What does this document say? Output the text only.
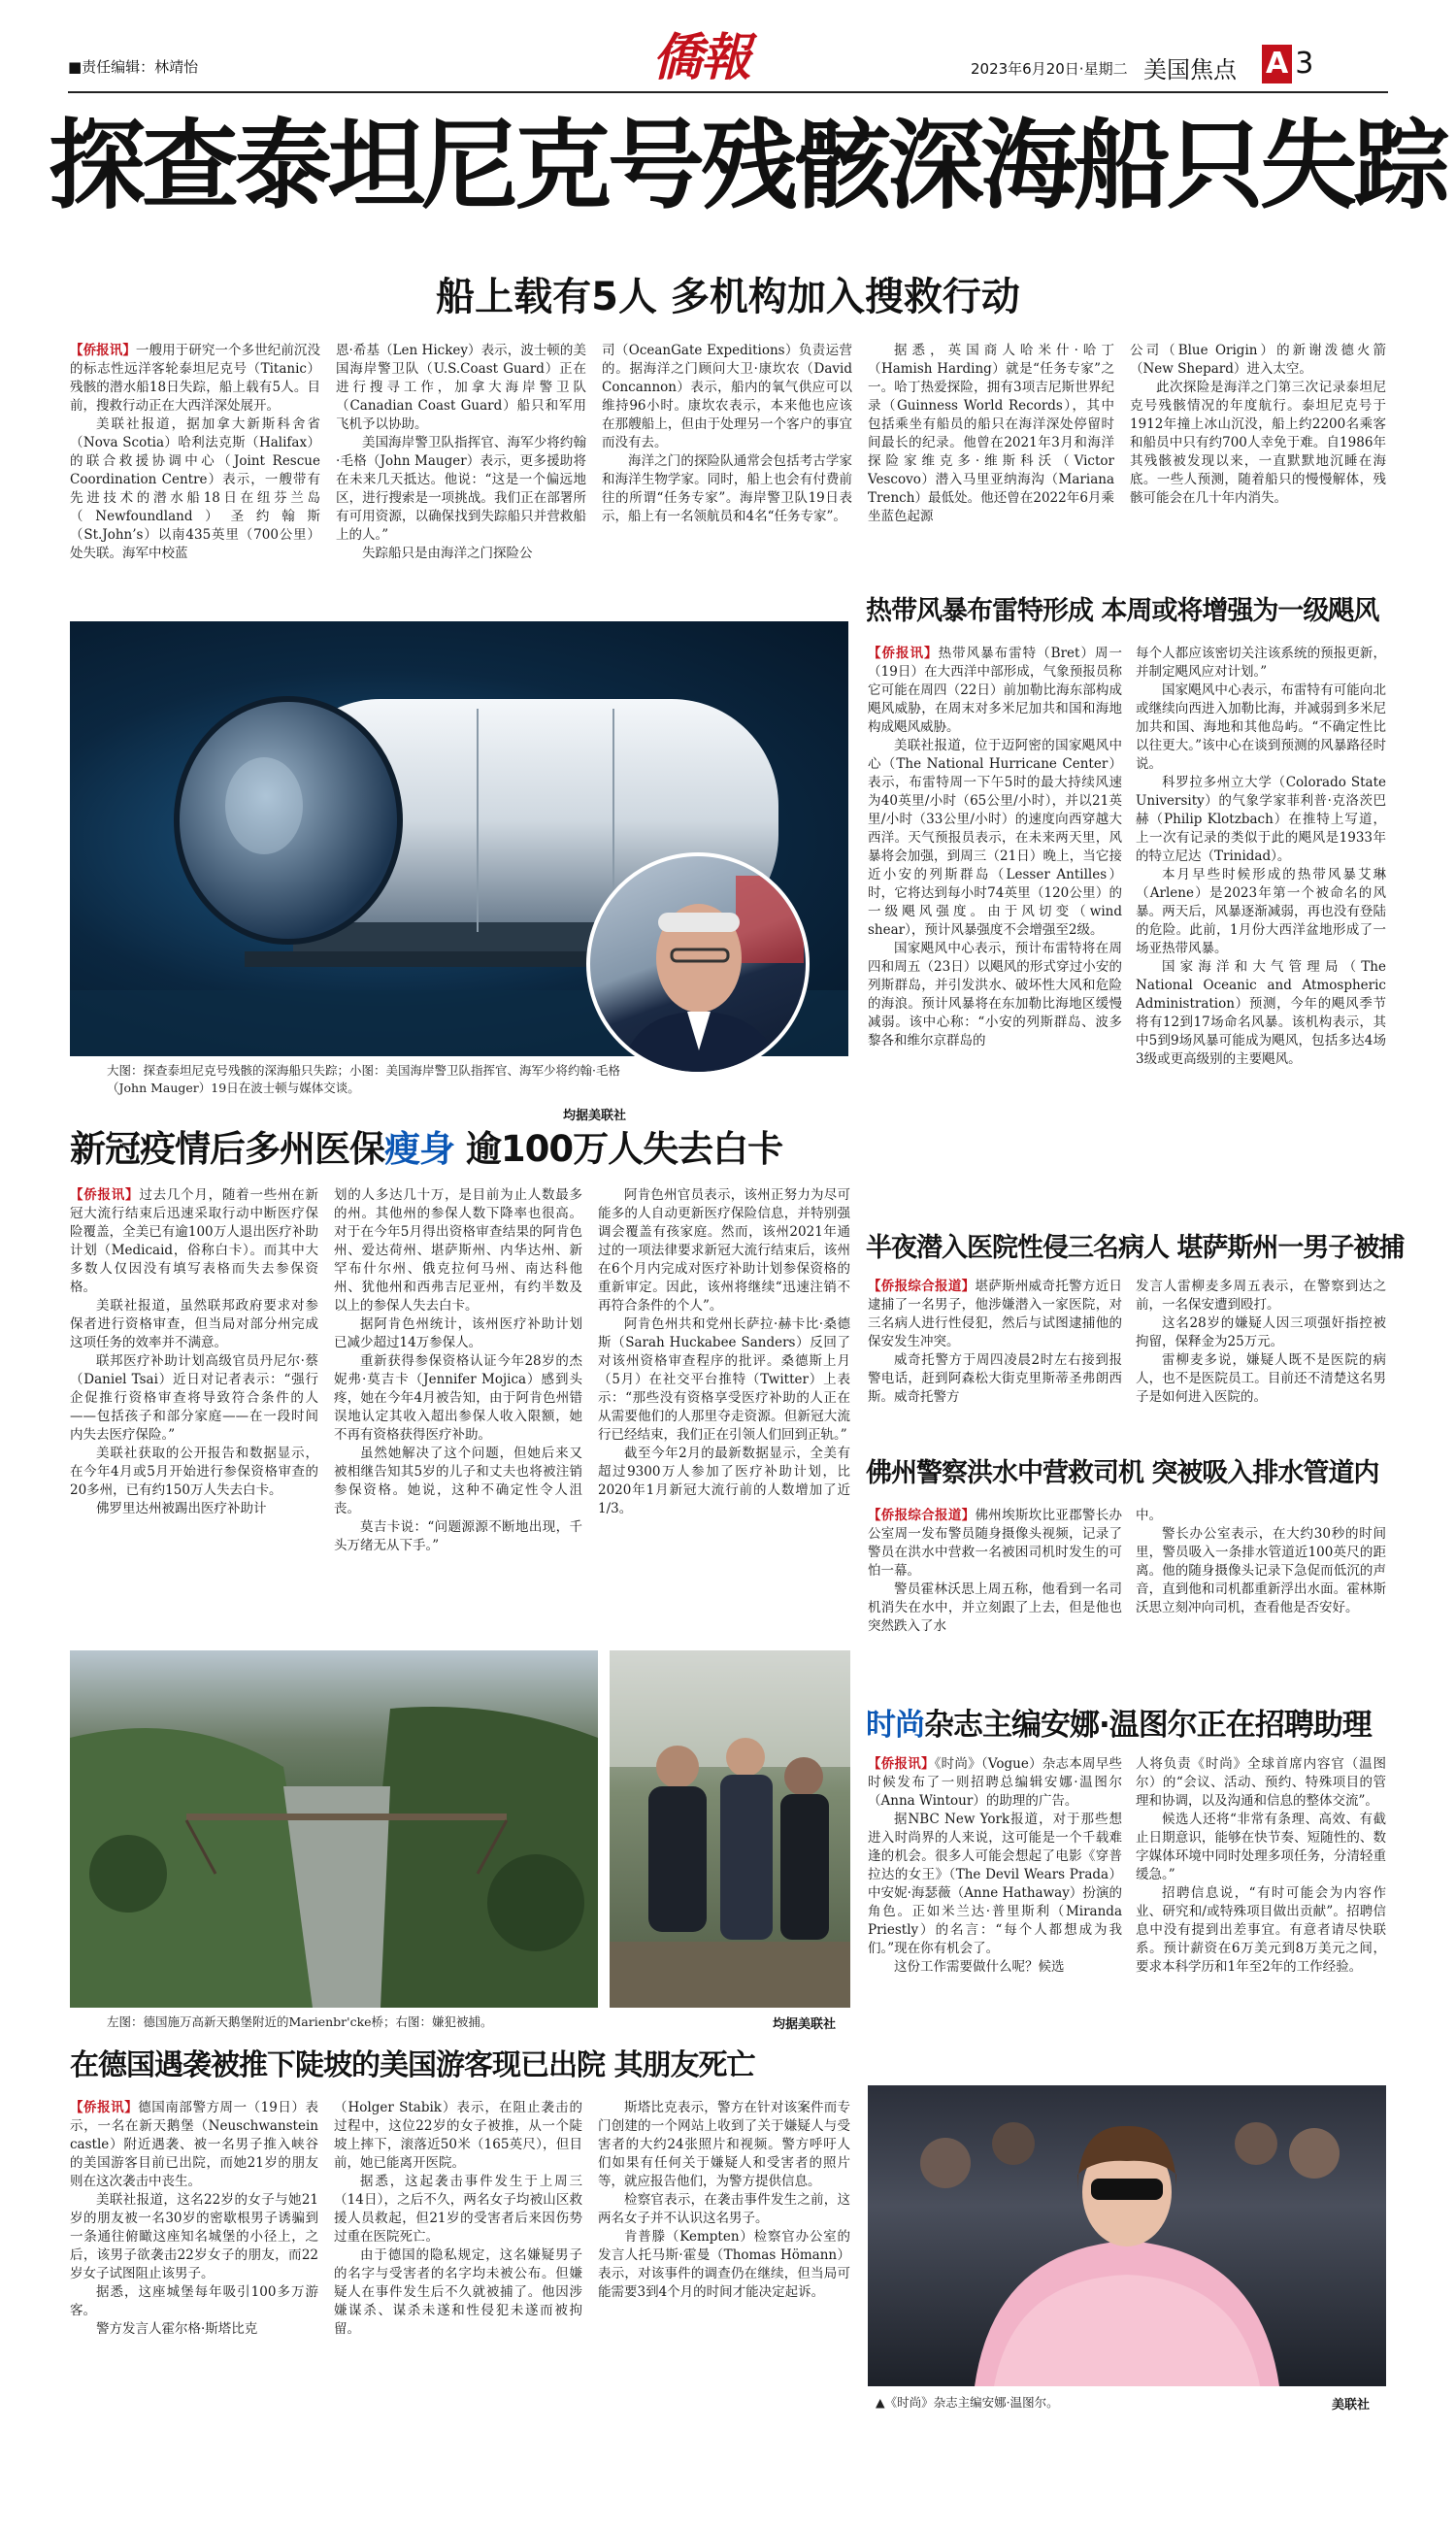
■责任编辑：林靖怡	僑報	2023年6月20日·星期二 美国焦点 A 3
探查泰坦尼克号残骸深海船只失踪
船上载有5人 多机构加入搜救行动

【侨报讯】一艘用于研究一个多世纪前沉没的标志性远洋客轮泰坦尼克号（Titanic）残骸的潜水船18日失踪，船上载有5人。目前，搜救行动正在大西洋深处展开。

美联社报道，据加拿大新斯科舍省（Nova Scotia）哈利法克斯（Halifax）的联合救援协调中心（Joint Rescue Coordination Centre）表示，一艘带有先进技术的潜水船18日在纽芬兰岛（Newfoundland）圣约翰斯（St.John’s）以南435英里（700公里）处失联。海军中校蓝

恩·希基（Len Hickey）表示，波士顿的美国海岸警卫队（U.S.Coast Guard）正在进行搜寻工作，加拿大海岸警卫队（Canadian Coast Guard）船只和军用飞机予以协助。

美国海岸警卫队指挥官、海军少将约翰·毛格（John Mauger）表示，更多援助将在未来几天抵达。他说：“这是一个偏远地区，进行搜索是一项挑战。我们正在部署所有可用资源，以确保找到失踪船只并营救船上的人。”

失踪船只是由海洋之门探险公

司（OceanGate Expeditions）负责运营的。据海洋之门顾问大卫·康坎农（David Concannon）表示，船内的氧气供应可以维持96小时。康坎农表示，本来他也应该在那艘船上，但由于处理另一个客户的事宜而没有去。

海洋之门的探险队通常会包括考古学家和海洋生物学家。同时，船上也会有付费前往的所谓“任务专家”。海岸警卫队19日表示，船上有一名领航员和4名“任务专家”。

据悉，英国商人哈米什·哈丁（Hamish Harding）就是“任务专家”之一。哈丁热爱探险，拥有3项吉尼斯世界纪录（Guinness World Records），其中包括乘坐有船员的船只在海洋深处停留时间最长的纪录。他曾在2021年3月和海洋探险家维克多·维斯科沃（Victor Vescovo）潜入马里亚纳海沟（Mariana Trench）最低处。他还曾在2022年6月乘坐蓝色起源

公司（Blue Origin）的新谢泼德火箭（New Shepard）进入太空。

此次探险是海洋之门第三次记录泰坦尼克号残骸情况的年度航行。泰坦尼克号于1912年撞上冰山沉没，船上约2200名乘客和船员中只有约700人幸免于难。自1986年其残骸被发现以来，一直默默地沉睡在海底。一些人预测，随着船只的慢慢解体，残骸可能会在几十年内消失。

大图：探查泰坦尼克号残骸的深海船只失踪；小图：美国海岸警卫队指挥官、海军少将约翰·毛格（John Mauger）19日在波士顿与媒体交谈。
均据美联社
热带风暴布雷特形成 本周或将增强为一级飓风

【侨报讯】热带风暴布雷特（Bret）周一（19日）在大西洋中部形成，气象预报员称它可能在周四（22日）前加勒比海东部构成飓风威胁，在周末对多米尼加共和国和海地构成飓风威胁。

美联社报道，位于迈阿密的国家飓风中心（The National Hurricane Center）表示，布雷特周一下午5时的最大持续风速为40英里/小时（65公里/小时），并以21英里/小时（33公里/小时）的速度向西穿越大西洋。天气预报员表示，在未来两天里，风暴将会加强，到周三（21日）晚上，当它接近小安的列斯群岛（Lesser Antilles）时，它将达到每小时74英里（120公里）的一级飓风强度。由于风切变（wind shear），预计风暴强度不会增强至2级。

国家飓风中心表示，预计布雷特将在周四和周五（23日）以飓风的形式穿过小安的列斯群岛，并引发洪水、破坏性大风和危险的海浪。预计风暴将在东加勒比海地区缓慢减弱。该中心称：“小安的列斯群岛、波多黎各和维尔京群岛的

每个人都应该密切关注该系统的预报更新，并制定飓风应对计划。”

国家飓风中心表示，布雷特有可能向北或继续向西进入加勒比海，并减弱到多米尼加共和国、海地和其他岛屿。“不确定性比以往更大。”该中心在谈到预测的风暴路径时说。

科罗拉多州立大学（Colorado State University）的气象学家菲利普·克洛茨巴赫（Philip Klotzbach）在推特上写道，上一次有记录的类似于此的飓风是1933年的特立尼达（Trinidad）。

本月早些时候形成的热带风暴艾琳（Arlene）是2023年第一个被命名的风暴。两天后，风暴逐渐减弱，再也没有登陆的危险。此前，1月份大西洋盆地形成了一场亚热带风暴。

国家海洋和大气管理局（The National Oceanic and Atmospheric Administration）预测，今年的飓风季节将有12到17场命名风暴。该机构表示，其中5到9场风暴可能成为飓风，包括多达4场3级或更高级别的主要飓风。

新冠疫情后多州医保瘦身 逾100万人失去白卡

【侨报讯】过去几个月，随着一些州在新冠大流行结束后迅速采取行动中断医疗保险覆盖，全美已有逾100万人退出医疗补助计划（Medicaid，俗称白卡）。而其中大多数人仅因没有填写表格而失去参保资格。

美联社报道，虽然联邦政府要求对参保者进行资格审查，但当局对部分州完成这项任务的效率并不满意。

联邦医疗补助计划高级官员丹尼尔·蔡（Daniel Tsai）近日对记者表示：“强行企促推行资格审查将导致符合条件的人——包括孩子和部分家庭——在一段时间内失去医疗保险。”

美联社获取的公开报告和数据显示，在今年4月或5月开始进行参保资格审查的20多州，已有约150万人失去白卡。

佛罗里达州被踢出医疗补助计

划的人多达几十万，是目前为止人数最多的州。其他州的参保人数下降率也很高。对于在今年5月得出资格审查结果的阿肯色州、爱达荷州、堪萨斯州、内华达州、新罕布什尔州、俄克拉何马州、南达科他州、犹他州和西弗吉尼亚州，有约半数及以上的参保人失去白卡。

据阿肯色州统计，该州医疗补助计划已减少超过14万参保人。

重新获得参保资格认证今年28岁的杰妮弗·莫吉卡（Jennifer Mojica）感到头疼，她在今年4月被告知，由于阿肯色州错误地认定其收入超出参保人收入限额，她不再有资格获得医疗补助。

虽然她解决了这个问题，但她后来又被相继告知其5岁的儿子和丈夫也将被注销参保资格。她说，这种不确定性令人沮丧。

莫吉卡说：“问题源源不断地出现，千头万绪无从下手。”

阿肯色州官员表示，该州正努力为尽可能多的人自动更新医疗保险信息，并特别强调会覆盖有孩家庭。然而，该州2021年通过的一项法律要求新冠大流行结束后，该州在6个月内完成对医疗补助计划参保资格的重新审定。因此，该州将继续“迅速注销不再符合条件的个人”。

阿肯色州共和党州长萨拉·赫卡比·桑德斯（Sarah Huckabee Sanders）反回了对该州资格审查程序的批评。桑德斯上月（5月）在社交平台推特（Twitter）上表示：“那些没有资格享受医疗补助的人正在从需要他们的人那里夺走资源。但新冠大流行已经结束，我们正在引领人们回到正轨。”

截至今年2月的最新数据显示，全美有超过9300万人参加了医疗补助计划，比2020年1月新冠大流行前的人数增加了近1/3。

半夜潜入医院性侵三名病人 堪萨斯州一男子被捕

【侨报综合报道】堪萨斯州威奇托警方近日逮捕了一名男子，他涉嫌潜入一家医院，对三名病人进行性侵犯，然后与试图逮捕他的保安发生冲突。

威奇托警方于周四凌晨2时左右接到报警电话，赶到阿森松大街克里斯蒂圣弗朗西斯。威奇托警方

发言人雷柳麦多周五表示，在警察到达之前，一名保安遭到殴打。

这名28岁的嫌疑人因三项强奸指控被拘留，保释金为25万元。

雷柳麦多说，嫌疑人既不是医院的病人，也不是医院员工。目前还不清楚这名男子是如何进入医院的。

佛州警察洪水中营救司机 突被吸入排水管道内

【侨报综合报道】佛州埃斯坎比亚郡警长办公室周一发布警员随身摄像头视频，记录了警员在洪水中营救一名被困司机时发生的可怕一幕。

警员霍林沃思上周五称，他看到一名司机消失在水中，并立刻跟了上去，但是他也突然跌入了水

中。

警长办公室表示，在大约30秒的时间里，警员吸入一条排水管道近100英尺的距离。他的随身摄像头记录下急促而低沉的声音，直到他和司机都重新浮出水面。霍林斯沃思立刻冲向司机，查看他是否安好。

时尚杂志主编安娜·温图尔正在招聘助理

【侨报讯】《时尚》（Vogue）杂志本周早些时候发布了一则招聘总编辑安娜·温图尔（Anna Wintour）的助理的广告。

据NBC New York报道，对于那些想进入时尚界的人来说，这可能是一个千载难逢的机会。很多人可能会想起了电影《穿普拉达的女王》（The Devil Wears Prada）中安妮·海瑟薇（Anne Hathaway）扮演的角色。正如米兰达·普里斯利（Miranda Priestly）的名言：“每个人都想成为我们。”现在你有机会了。

这份工作需要做什么呢？候选

人将负责《时尚》全球首席内容官（温图尔）的“会议、活动、预约、特殊项目的管理和协调，以及沟通和信息的整体交流”。

候选人还将“非常有条理、高效、有截止日期意识，能够在快节奏、短随性的、数字媒体环境中同时处理多项任务，分清轻重缓急。”

招聘信息说，“有时可能会为内容作业、研究和/或特殊项目做出贡献”。招聘信息中没有提到出差事宜。有意者请尽快联系。预计薪资在6万美元到8万美元之间，要求本科学历和1年至2年的工作经验。

▲《时尚》杂志主编安娜·温图尔。	美联社
左图：德国施万高新天鹅堡附近的Marienbr'cke桥；右图：嫌犯被捕。	均据美联社
在德国遇袭被推下陡坡的美国游客现已出院 其朋友死亡

【侨报讯】德国南部警方周一（19日）表示，一名在新天鹅堡（Neuschwanstein castle）附近遇袭、被一名男子推入峡谷的美国游客目前已出院，而她21岁的朋友则在这次袭击中丧生。

美联社报道，这名22岁的女子与她21岁的朋友被一名30岁的密歇根男子诱骗到一条通往俯瞰这座知名城堡的小径上，之后，该男子欲袭击22岁女子的朋友，而22岁女子试图阻止该男子。

据悉，这座城堡每年吸引100多万游客。

警方发言人霍尔格·斯塔比克

（Holger Stabik）表示，在阻止袭击的过程中，这位22岁的女子被推，从一个陡坡上摔下，滚落近50米（165英尺），但目前，她已能离开医院。

据悉，这起袭击事件发生于上周三（14日），之后不久，两名女子均被山区救援人员救起，但21岁的受害者后来因伤势过重在医院死亡。

由于德国的隐私规定，这名嫌疑男子的名字与受害者的名字均未被公布。但嫌疑人在事件发生后不久就被捕了。他因涉嫌谋杀、谋杀未遂和性侵犯未遂而被拘留。

斯塔比克表示，警方在针对该案件而专门创建的一个网站上收到了关于嫌疑人与受害者的大约24张照片和视频。警方呼吁人们如果有任何关于嫌疑人和受害者的照片等，就应报告他们，为警方提供信息。

检察官表示，在袭击事件发生之前，这两名女子并不认识这名男子。

肯普滕（Kempten）检察官办公室的发言人托马斯·霍曼（Thomas Hömann）表示，对该事件的调查仍在继续，但当局可能需要3到4个月的时间才能决定起诉。
